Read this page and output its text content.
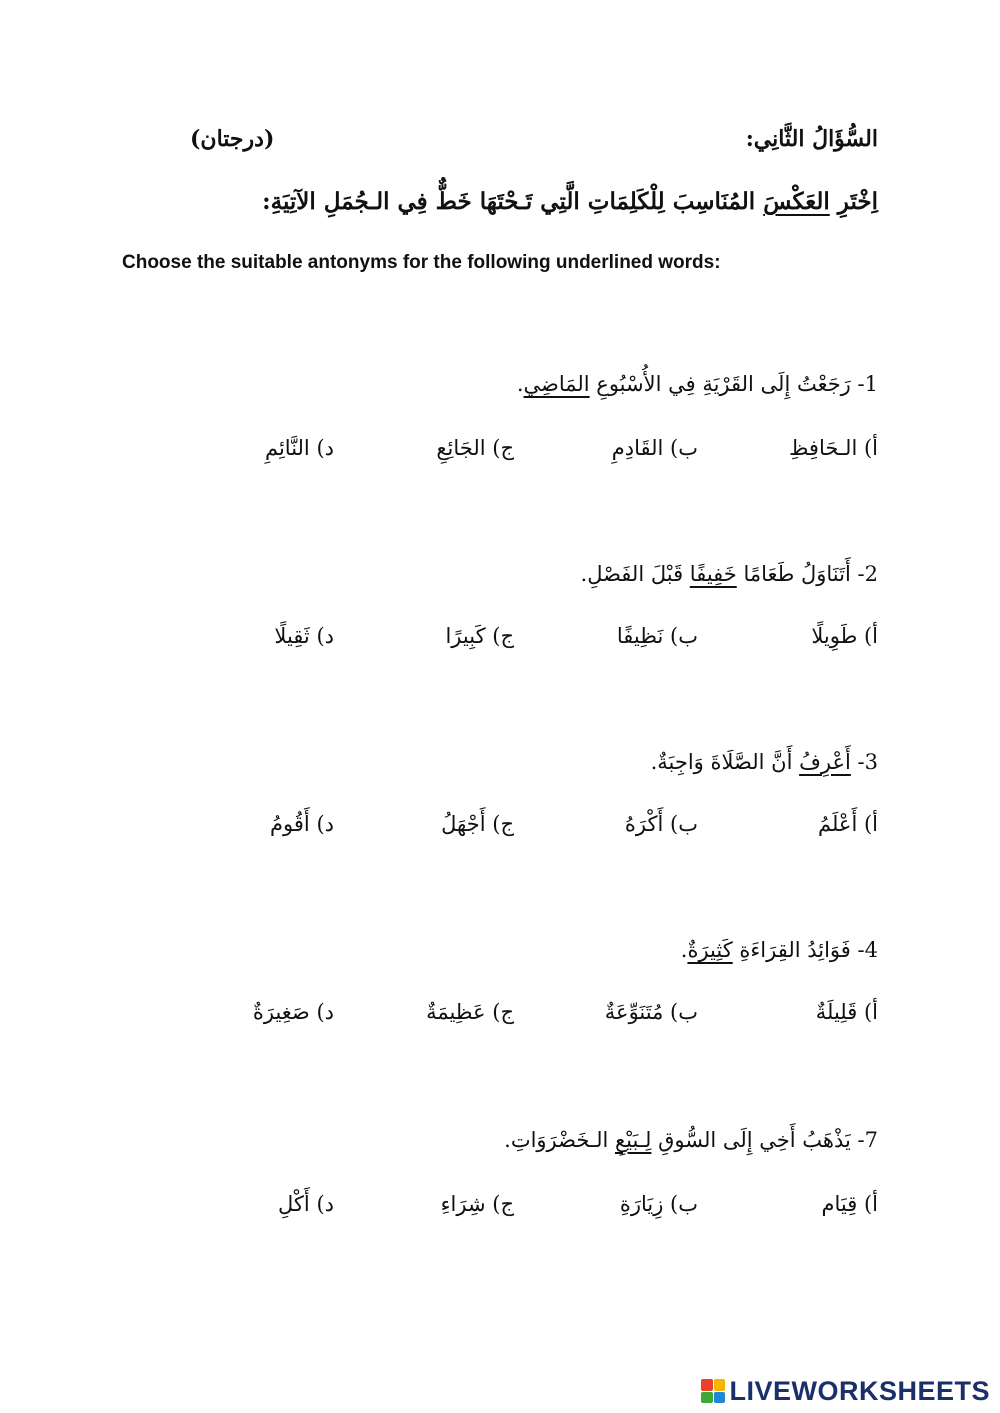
السُّؤَالُ الثَّانِي:
(درجتان)
اِخْتَرِ العَكْسَ المُنَاسِبَ لِلْكَلِمَاتِ الَّتِي تَـحْتَهَا خَطٌّ فِي الـجُمَلِ الآتِيَةِ:
Choose the suitable antonyms for the following underlined words:
1- رَجَعْتُ إِلَى القَرْيَةِ فِي الأُسْبُوعِ المَاضِي.
أ) الـحَافِظِ
ب) القَادِمِ
ج) الجَائِعِ
د) النَّائِمِ
2- أَتَنَاوَلُ طَعَامًا خَفِيفًا قَبْلَ الفَصْلِ.
أ) طَوِيلًا
ب) نَظِيفًا
ج) كَبِيرًا
د) ثَقِيلًا
3- أَعْرِفُ أَنَّ الصَّلَاةَ وَاجِبَةٌ.
أ) أَعْلَمُ
ب) أَكْرَهُ
ج) أَجْهَلُ
د) أَقُومُ
4- فَوَائِدُ القِرَاءَةِ كَثِيرَةٌ.
أ) قَلِيلَةٌ
ب) مُتَنَوِّعَةٌ
ج) عَظِيمَةٌ
د) صَغِيرَةٌ
7- يَذْهَبُ أَخِي إِلَى السُّوقِ لِـبَيْعِ الـخَضْرَوَاتِ.
أ) قِيَام
ب) زِيَارَةِ
ج) شِرَاءِ
د) أَكْلِ
LIVEWORKSHEETS
